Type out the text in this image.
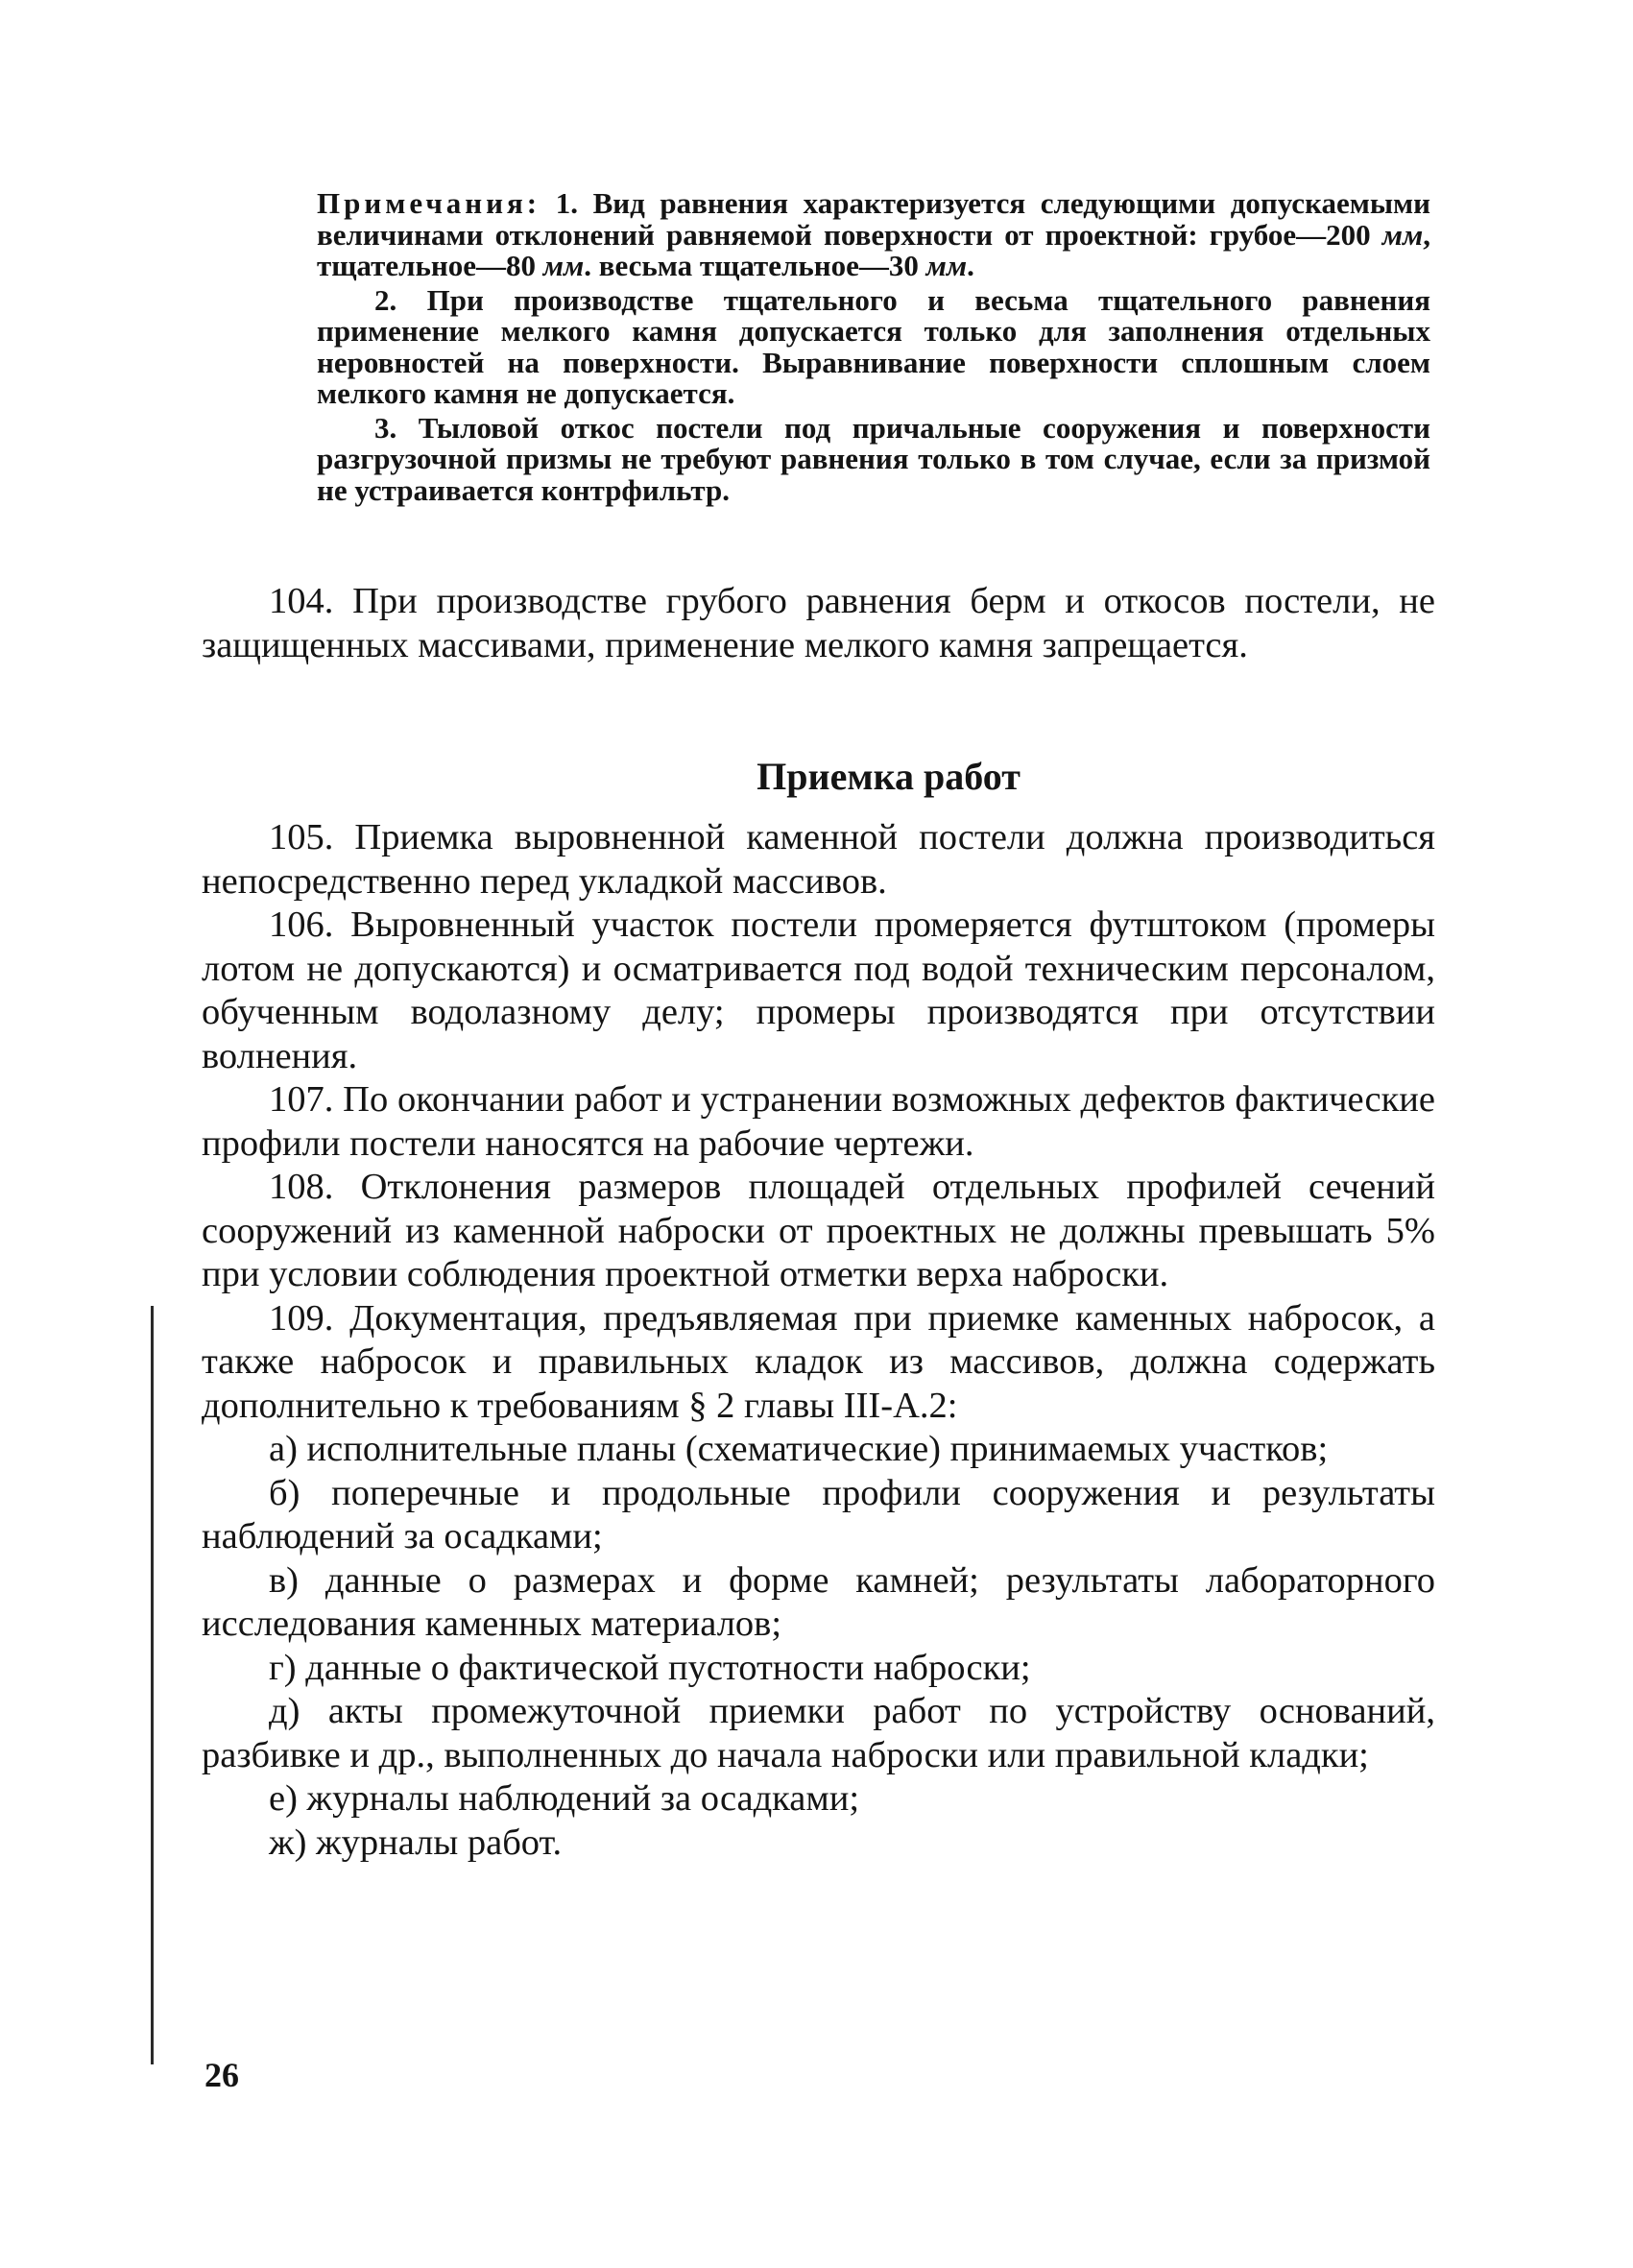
Примечания: 1. Вид равнения характеризуется следующими допускаемыми величинами отклонений равняемой поверхности от проектной: грубое—200 мм, тщательное—80 мм. весьма тщательное—30 мм.

2. При производстве тщательного и весьма тщательного равнения применение мелкого камня допускается только для заполнения отдельных неровностей на поверхности. Выравнивание поверхности сплошным слоем мелкого камня не допускается.

3. Тыловой откос постели под причальные сооружения и поверхности разгрузочной призмы не требуют равнения только в том случае, если за призмой не устраивается контрфильтр.

104. При производстве грубого равнения берм и откосов постели, не защищенных массивами, применение мелкого камня запрещается.

Приемка работ

105. Приемка выровненной каменной постели должна производиться непосредственно перед укладкой массивов.

106. Выровненный участок постели промеряется футштоком (промеры лотом не допускаются) и осматривается под водой техническим персоналом, обученным водолазному делу; промеры производятся при отсутствии волнения.

107. По окончании работ и устранении возможных дефектов фактические профили постели наносятся на рабочие чертежи.

108. Отклонения размеров площадей отдельных профилей сечений сооружений из каменной наброски от проектных не должны превышать 5% при условии соблюдения проектной отметки верха наброски.

109. Документация, предъявляемая при приемке каменных набросок, а также набросок и правильных кладок из массивов, должна содержать дополнительно к требованиям § 2 главы III-А.2:

а) исполнительные планы (схематические) принимаемых участков;

б) поперечные и продольные профили сооружения и результаты наблюдений за осадками;

в) данные о размерах и форме камней; результаты лабораторного исследования каменных материалов;

г) данные о фактической пустотности наброски;

д) акты промежуточной приемки работ по устройству оснований, разбивке и др., выполненных до начала наброски или правильной кладки;

е) журналы наблюдений за осадками;

ж) журналы работ.

26
